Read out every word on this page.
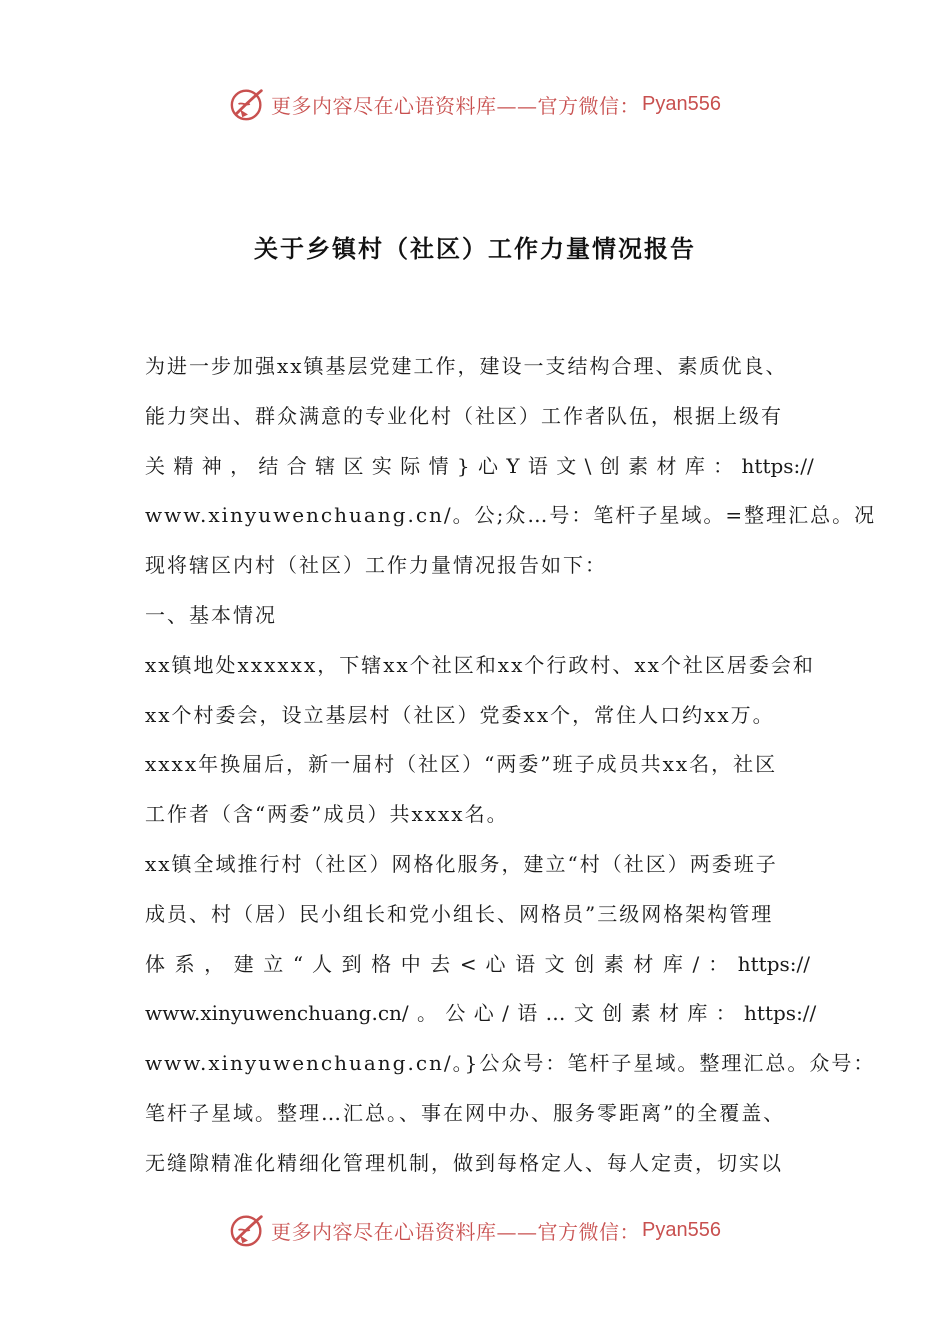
更多内容尽在心语资料库——官方微信： Pyan556
关于乡镇村（社区）工作力量情况报告
为进一步加强xx镇基层党建工作，建设一支结构合理、素质优良、
能力突出、群众满意的专业化村（社区）工作者队伍，根据上级有
关 精 神 ， 结 合 辖 区 实 际 情 } 心 Y 语 文 \ 创 素 材 库 ： https://
www.xinyuwenchuang.cn/。公;众…号：笔杆子星域。=整理汇总。况
现将辖区内村（社区）工作力量情况报告如下：
一、基本情况
xx镇地处xxxxxx，下辖xx个社区和xx个行政村、xx个社区居委会和
xx个村委会，设立基层村（社区）党委xx个，常住人口约xx万。
xxxx年换届后，新一届村（社区）“两委”班子成员共xx名，社区
工作者（含“两委”成员）共xxxx名。
xx镇全域推行村（社区）网格化服务，建立“村（社区）两委班子
成员、村（居）民小组长和党小组长、网格员”三级网格架构管理
体 系 ， 建 立 “ 人 到 格 中 去 < 心 语 文 创 素 材 库 / ： https://
www.xinyuwenchuang.cn/ 。 公 心 / 语 … 文 创 素 材 库 ： https://
www.xinyuwenchuang.cn/。}公众号：笔杆子星域。整理汇总。众号：
笔杆子星域。整理…汇总。、事在网中办、服务零距离”的全覆盖、
无缝隙精准化精细化管理机制，做到每格定人、每人定责，切实以
更多内容尽在心语资料库——官方微信： Pyan556
